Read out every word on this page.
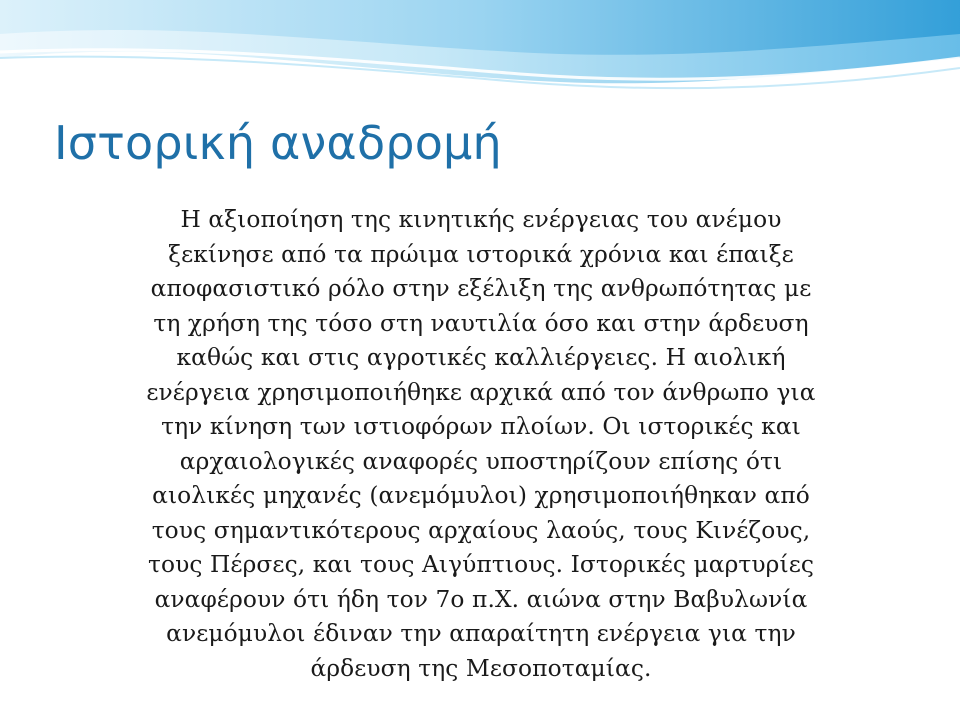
Ιστορική αναδρομή

Η αξιοποίηση της κινητικής ενέργειας του ανέμου
ξεκίνησε από τα πρώιμα ιστορικά χρόνια και έπαιξε
αποφασιστικό ρόλο στην εξέλιξη της ανθρωπότητας με
τη χρήση της τόσο στη ναυτιλία όσο και στην άρδευση
καθώς και στις αγροτικές καλλιέργειες. Η αιολική
ενέργεια χρησιμοποιήθηκε αρχικά από τον άνθρωπο για
την κίνηση των ιστιοφόρων πλοίων. Οι ιστορικές και
αρχαιολογικές αναφορές υποστηρίζουν επίσης ότι
αιολικές μηχανές (ανεμόμυλοι) χρησιμοποιήθηκαν από
τους σημαντικότερους αρχαίους λαούς, τους Κινέζους,
τους Πέρσες, και τους Αιγύπτιους. Ιστορικές μαρτυρίες
αναφέρουν ότι ήδη τον 7ο π.Χ. αιώνα στην Βαβυλωνία
ανεμόμυλοι έδιναν την απαραίτητη ενέργεια για την
άρδευση της Μεσοποταμίας.
